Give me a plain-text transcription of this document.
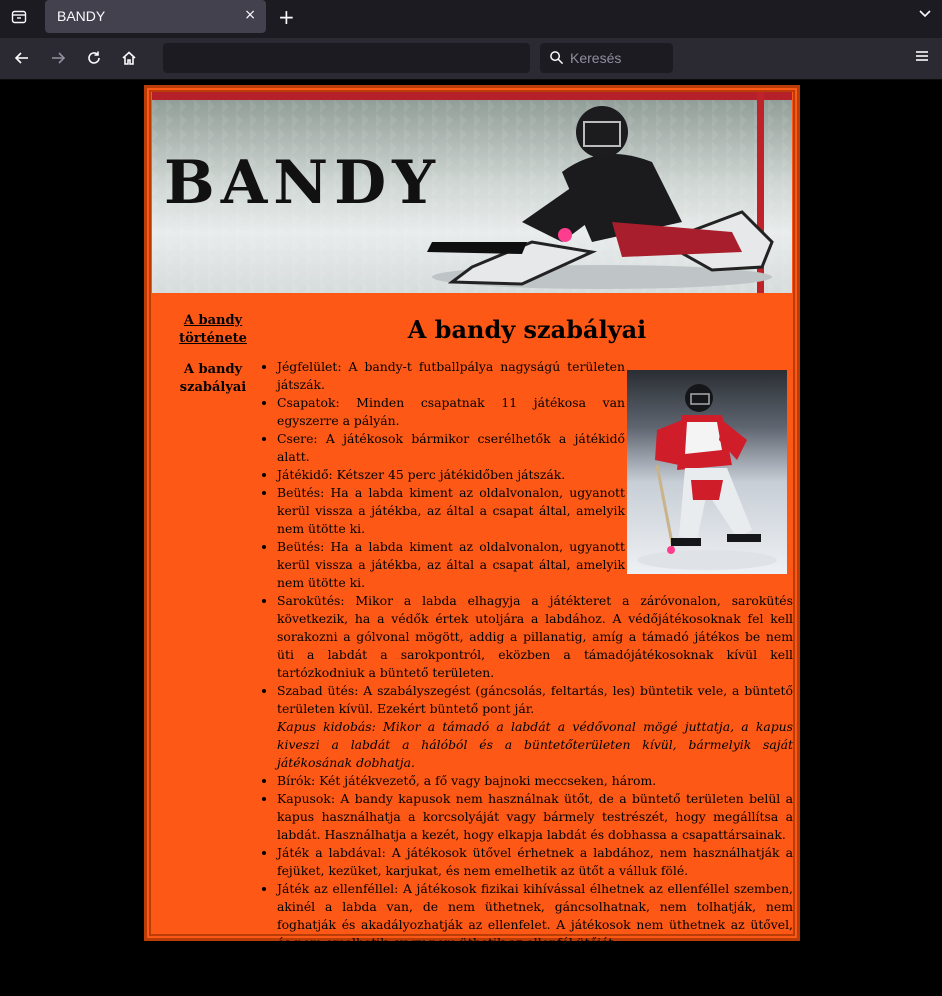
BANDY	× +
Keresés
BANDY
A bandy története
A bandy szabályai
A bandy szabályai
• Jégfelület: A bandy-t futballpálya nagyságú területen játszák.
• Csapatok: Minden csapatnak 11 játékosa van egyszerre a pályán.
• Csere: A játékosok bármikor cserélhetők a játékidő alatt.
• Játékidő: Kétszer 45 perc játékidőben játszák.
• Beütés: Ha a labda kiment az oldalvonalon, ugyanott kerül vissza a játékba, az által a csapat által, amelyik nem ütötte ki.
• Beütés: Ha a labda kiment az oldalvonalon, ugyanott kerül vissza a játékba, az által a csapat által, amelyik nem ütötte ki.
• Sarokütés: Mikor a labda elhagyja a játékteret a záróvonalon, sarokütés következik, ha a védők értek utoljára a labdához. A védőjátékosoknak fel kell sorakozni a gólvonal mögött, addig a pillanatig, amíg a támadó játékos be nem üti a labdát a sarokpontról, eközben a támadójátékosoknak kívül kell tartózkodniuk a büntető területen.
• Szabad ütés: A szabályszegést (gáncsolás, feltartás, les) büntetik vele, a büntető területen kívül. Ezekért büntető pont jár.
Kapus kidobás: Mikor a támadó a labdát a védővonal mögé juttatja, a kapus kiveszi a labdát a hálóból és a büntetőterületen kívül, bármelyik saját játékosának dobhatja.
• Bírók: Két játékvezető, a fő vagy bajnoki meccseken, három.
• Kapusok: A bandy kapusok nem használnak ütőt, de a büntető területen belül a kapus használhatja a korcsolyáját vagy bármely testrészét, hogy megállítsa a labdát. Használhatja a kezét, hogy elkapja labdát és dobhassa a csapattársainak.
• Játék a labdával: A játékosok ütővel érhetnek a labdához, nem használhatják a fejüket, kezüket, karjukat, és nem emelhetik az ütőt a válluk fölé.
• Játék az ellenféllel: A játékosok fizikai kihívással élhetnek az ellenféllel szemben, akinél a labda van, de nem üthetnek, gáncsolhatnak, nem tolhatják, nem foghatják és akadályozhatják az ellenfelet. A játékosok nem üthetnek az ütővel, és nem emelhetik, vagy nem üthetik az ellenfél ütőjét.
